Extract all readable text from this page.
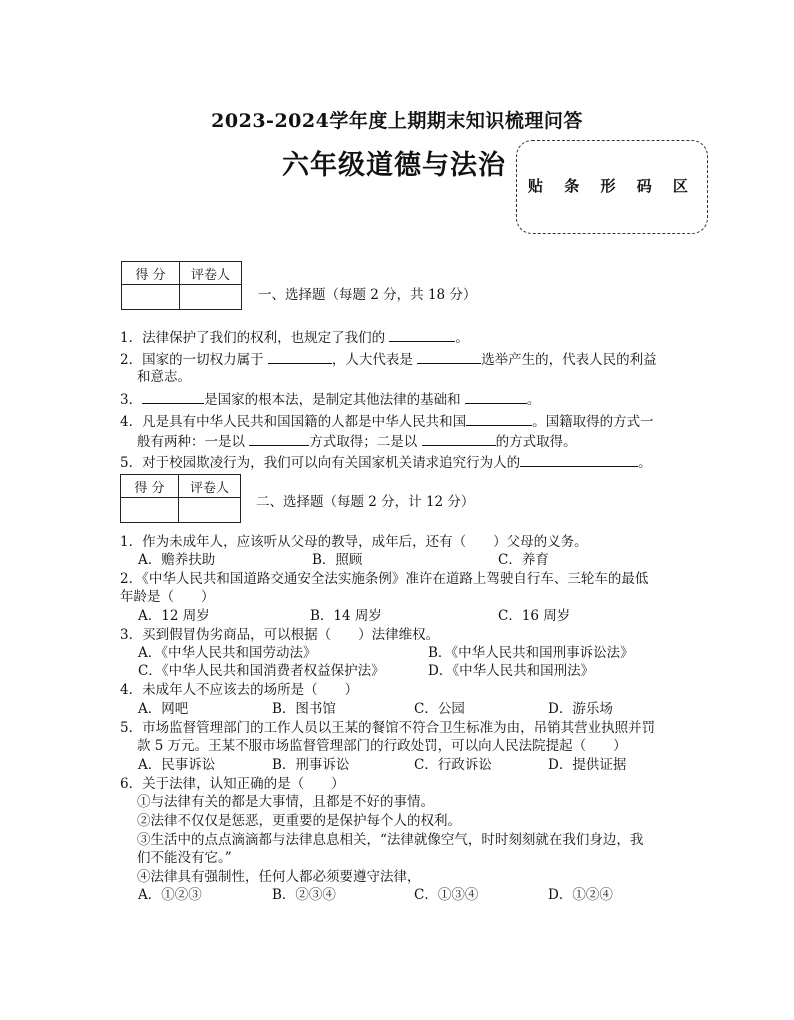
2023-2024学年度上期期末知识梳理问答
六年级道德与法治
贴 条 形 码 区
得 分	评卷人

一、选择题（每题 2 分，共 18 分）
1．法律保护了我们的权利，也规定了我们的	。
2．国家的一切权力属于	，人大代表是	选举产生的，代表人民的利益
和意志。
3．	是国家的根本法，是制定其他法律的基础和	。
4．凡是具有中华人民共和国国籍的人都是中华人民共和国	。国籍取得的方式一
般有两种：一是以	方式取得；二是以	的方式取得。
5．对于校园欺凌行为，我们可以向有关国家机关请求追究行为人的	。
得 分	评卷人

二、选择题（每题 2 分，计 12 分）
1．作为未成年人，应该听从父母的教导，成年后，还有（　　）父母的义务。
A．赡养扶助	B．照顾	C．养育
2．《中华人民共和国道路交通安全法实施条例》准许在道路上驾驶自行车、三轮车的最低
年龄是（　　）
A．12 周岁	B．14 周岁	C．16 周岁
3．买到假冒伪劣商品，可以根据（　　）法律维权。
A．《中华人民共和国劳动法》	B．《中华人民共和国刑事诉讼法》
C．《中华人民共和国消费者权益保护法》	D．《中华人民共和国刑法》
4．未成年人不应该去的场所是（　　）
A．网吧	B．图书馆	C．公园	D．游乐场
5．市场监督管理部门的工作人员以王某的餐馆不符合卫生标准为由，吊销其营业执照并罚
款 5 万元。王某不服市场监督管理部门的行政处罚，可以向人民法院提起（　　）
A．民事诉讼	B．刑事诉讼	C．行政诉讼	D．提供证据
6．关于法律，认知正确的是（　　）
①与法律有关的都是大事情，且都是不好的事情。
②法律不仅仅是惩恶，更重要的是保护每个人的权利。
③生活中的点点滴滴都与法律息息相关，“法律就像空气，时时刻刻就在我们身边，我
们不能没有它。”
④法律具有强制性，任何人都必须要遵守法律，
A．①②③	B．②③④	C．①③④	D．①②④
